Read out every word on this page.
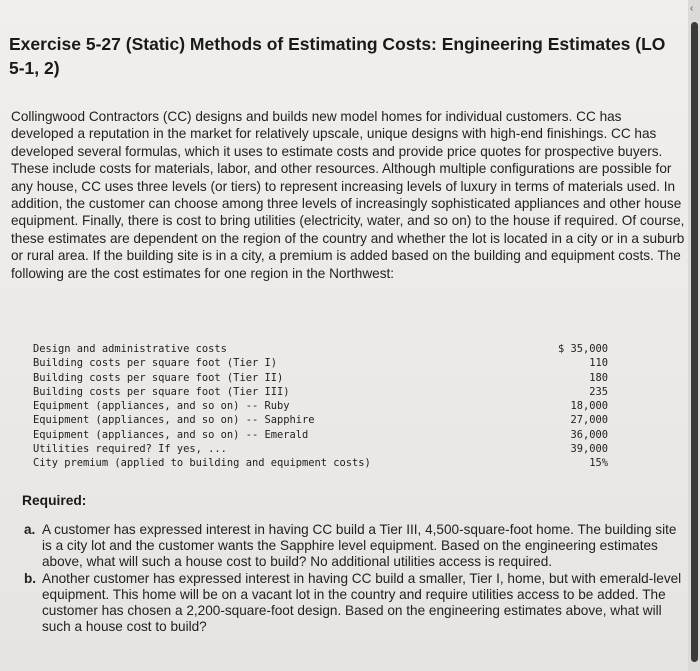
Exercise 5-27 (Static) Methods of Estimating Costs: Engineering Estimates (LO 5-1, 2)
Collingwood Contractors (CC) designs and builds new model homes for individual customers. CC has developed a reputation in the market for relatively upscale, unique designs with high-end finishings. CC has developed several formulas, which it uses to estimate costs and provide price quotes for prospective buyers. These include costs for materials, labor, and other resources. Although multiple configurations are possible for any house, CC uses three levels (or tiers) to represent increasing levels of luxury in terms of materials used. In addition, the customer can choose among three levels of increasingly sophisticated appliances and other house equipment. Finally, there is cost to bring utilities (electricity, water, and so on) to the house if required. Of course, these estimates are dependent on the region of the country and whether the lot is located in a city or in a suburb or rural area. If the building site is in a city, a premium is added based on the building and equipment costs. The following are the cost estimates for one region in the Northwest:
Design and administrative costs	$ 35,000
Building costs per square foot (Tier I)	110
Building costs per square foot (Tier II)	180
Building costs per square foot (Tier III)	235
Equipment (appliances, and so on) -- Ruby	18,000
Equipment (appliances, and so on) -- Sapphire	27,000
Equipment (appliances, and so on) -- Emerald	36,000
Utilities required? If yes, ...	39,000
City premium (applied to building and equipment costs)	15%
Required:
a. A customer has expressed interest in having CC build a Tier III, 4,500-square-foot home. The building site is a city lot and the customer wants the Sapphire level equipment. Based on the engineering estimates above, what will such a house cost to build? No additional utilities access is required.
b. Another customer has expressed interest in having CC build a smaller, Tier I, home, but with emerald-level equipment. This home will be on a vacant lot in the country and require utilities access to be added. The customer has chosen a 2,200-square-foot design. Based on the engineering estimates above, what will such a house cost to build?
‹
